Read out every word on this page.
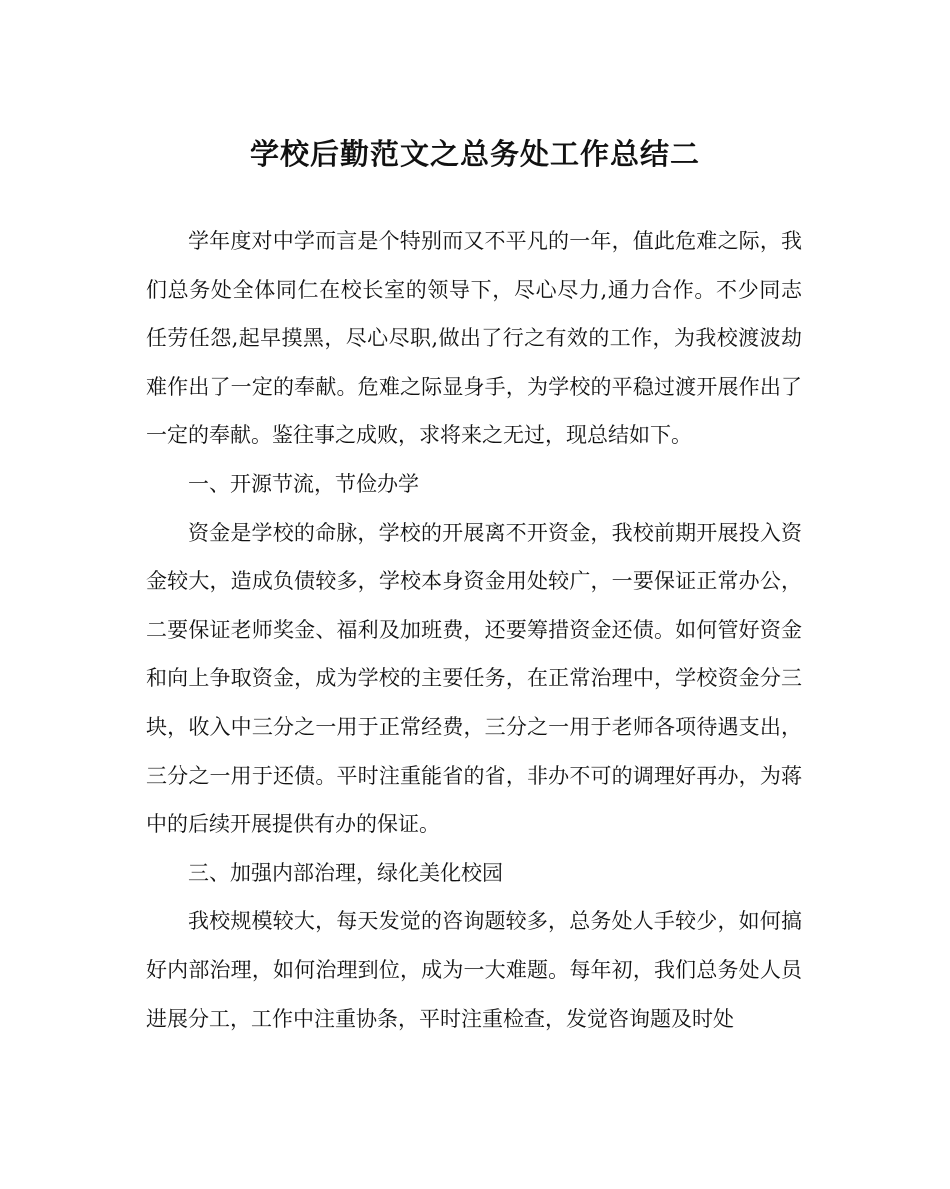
学校后勤范文之总务处工作总结二

学年度对中学而言是个特别而又不平凡的一年，值此危难之际，我们总务处全体同仁在校长室的领导下，尽心尽力,通力合作。不少同志任劳任怨,起早摸黑，尽心尽职,做出了行之有效的工作，为我校渡波劫难作出了一定的奉献。危难之际显身手，为学校的平稳过渡开展作出了一定的奉献。鉴往事之成败，求将来之无过，现总结如下。

一、开源节流，节俭办学

资金是学校的命脉，学校的开展离不开资金，我校前期开展投入资金较大，造成负债较多，学校本身资金用处较广，一要保证正常办公，二要保证老师奖金、福利及加班费，还要筹措资金还债。如何管好资金和向上争取资金，成为学校的主要任务，在正常治理中，学校资金分三块，收入中三分之一用于正常经费，三分之一用于老师各项待遇支出，三分之一用于还债。平时注重能省的省，非办不可的调理好再办，为蒋中的后续开展提供有办的保证。

三、加强内部治理，绿化美化校园

我校规模较大，每天发觉的咨询题较多，总务处人手较少，如何搞好内部治理，如何治理到位，成为一大难题。每年初，我们总务处人员进展分工，工作中注重协条，平时注重检查，发觉咨询题及时处
